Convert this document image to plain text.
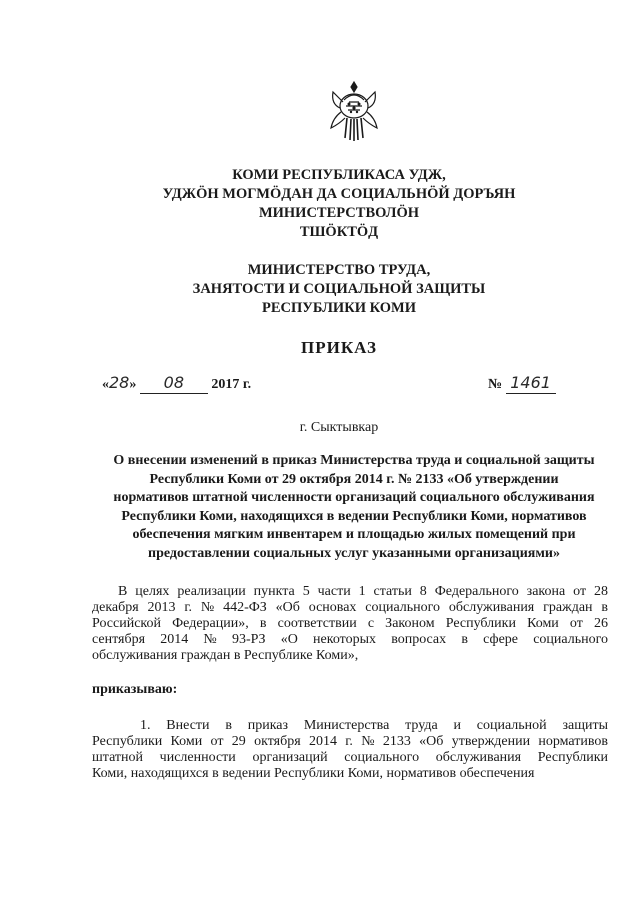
КОМИ РЕСПУБЛИКАСА УДЖ,
УДЖӦН МОГМӦДАН ДА СОЦИАЛЬНӦЙ ДОРЪЯН
МИНИСТЕРСТВОЛӦН
ТШӦКТӦД
МИНИСТЕРСТВО ТРУДА,
ЗАНЯТОСТИ И СОЦИАЛЬНОЙ ЗАЩИТЫ
РЕСПУБЛИКИ КОМИ
ПРИКАЗ
«28» 08 2017 г.	№ 1461
г. Сыктывкар
О внесении изменений в приказ Министерства труда и социальной защиты
Республики Коми от 29 октября 2014 г. № 2133 «Об утверждении
нормативов штатной численности организаций социального обслуживания
Республики Коми, находящихся в ведении Республики Коми, нормативов
обеспечения мягким инвентарем и площадью жилых помещений при
предоставлении социальных услуг указанными организациями»
В целях реализации пункта 5 части 1 статьи 8 Федерального закона от 28
декабря 2013 г. № 442-ФЗ «Об основах социального обслуживания граждан в
Российской Федерации», в соответствии с Законом Республики Коми от 26
сентября 2014 № 93-РЗ «О некоторых вопросах в сфере социального
обслуживания граждан в Республике Коми»,
приказываю:
1. Внести в приказ Министерства труда и социальной защиты
Республики Коми от 29 октября 2014 г. № 2133 «Об утверждении нормативов
штатной численности организаций социального обслуживания Республики
Коми, находящихся в ведении Республики Коми, нормативов обеспечения
